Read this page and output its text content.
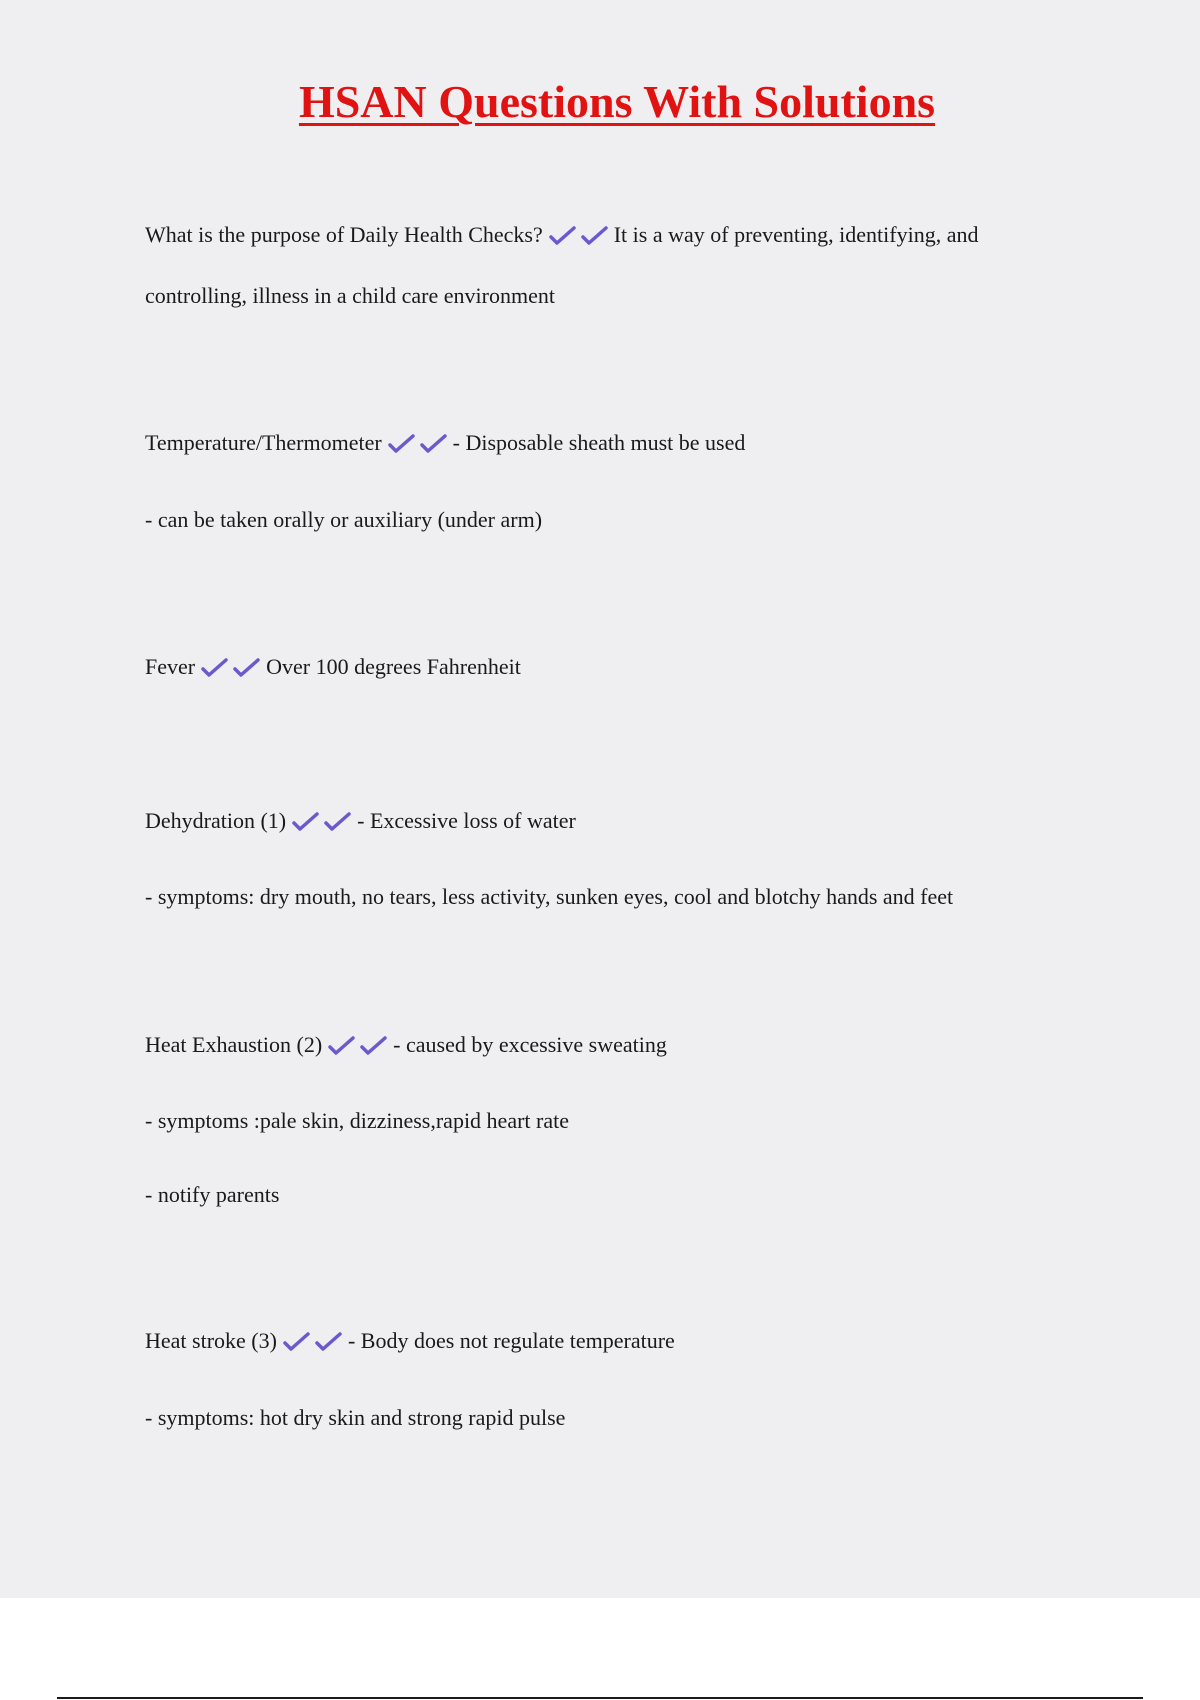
HSAN Questions With Solutions

What is the purpose of Daily Health Checks?	It is a way of preventing, identifying, and

controlling, illness in a child care environment

Temperature/Thermometer	- Disposable sheath must be used

- can be taken orally or auxiliary (under arm)

Fever	Over 100 degrees Fahrenheit

Dehydration (1)	- Excessive loss of water

- symptoms: dry mouth, no tears, less activity, sunken eyes, cool and blotchy hands and feet

Heat Exhaustion (2)	- caused by excessive sweating

- symptoms :pale skin, dizziness,rapid heart rate

- notify parents

Heat stroke (3)	- Body does not regulate temperature

- symptoms: hot dry skin and strong rapid pulse
